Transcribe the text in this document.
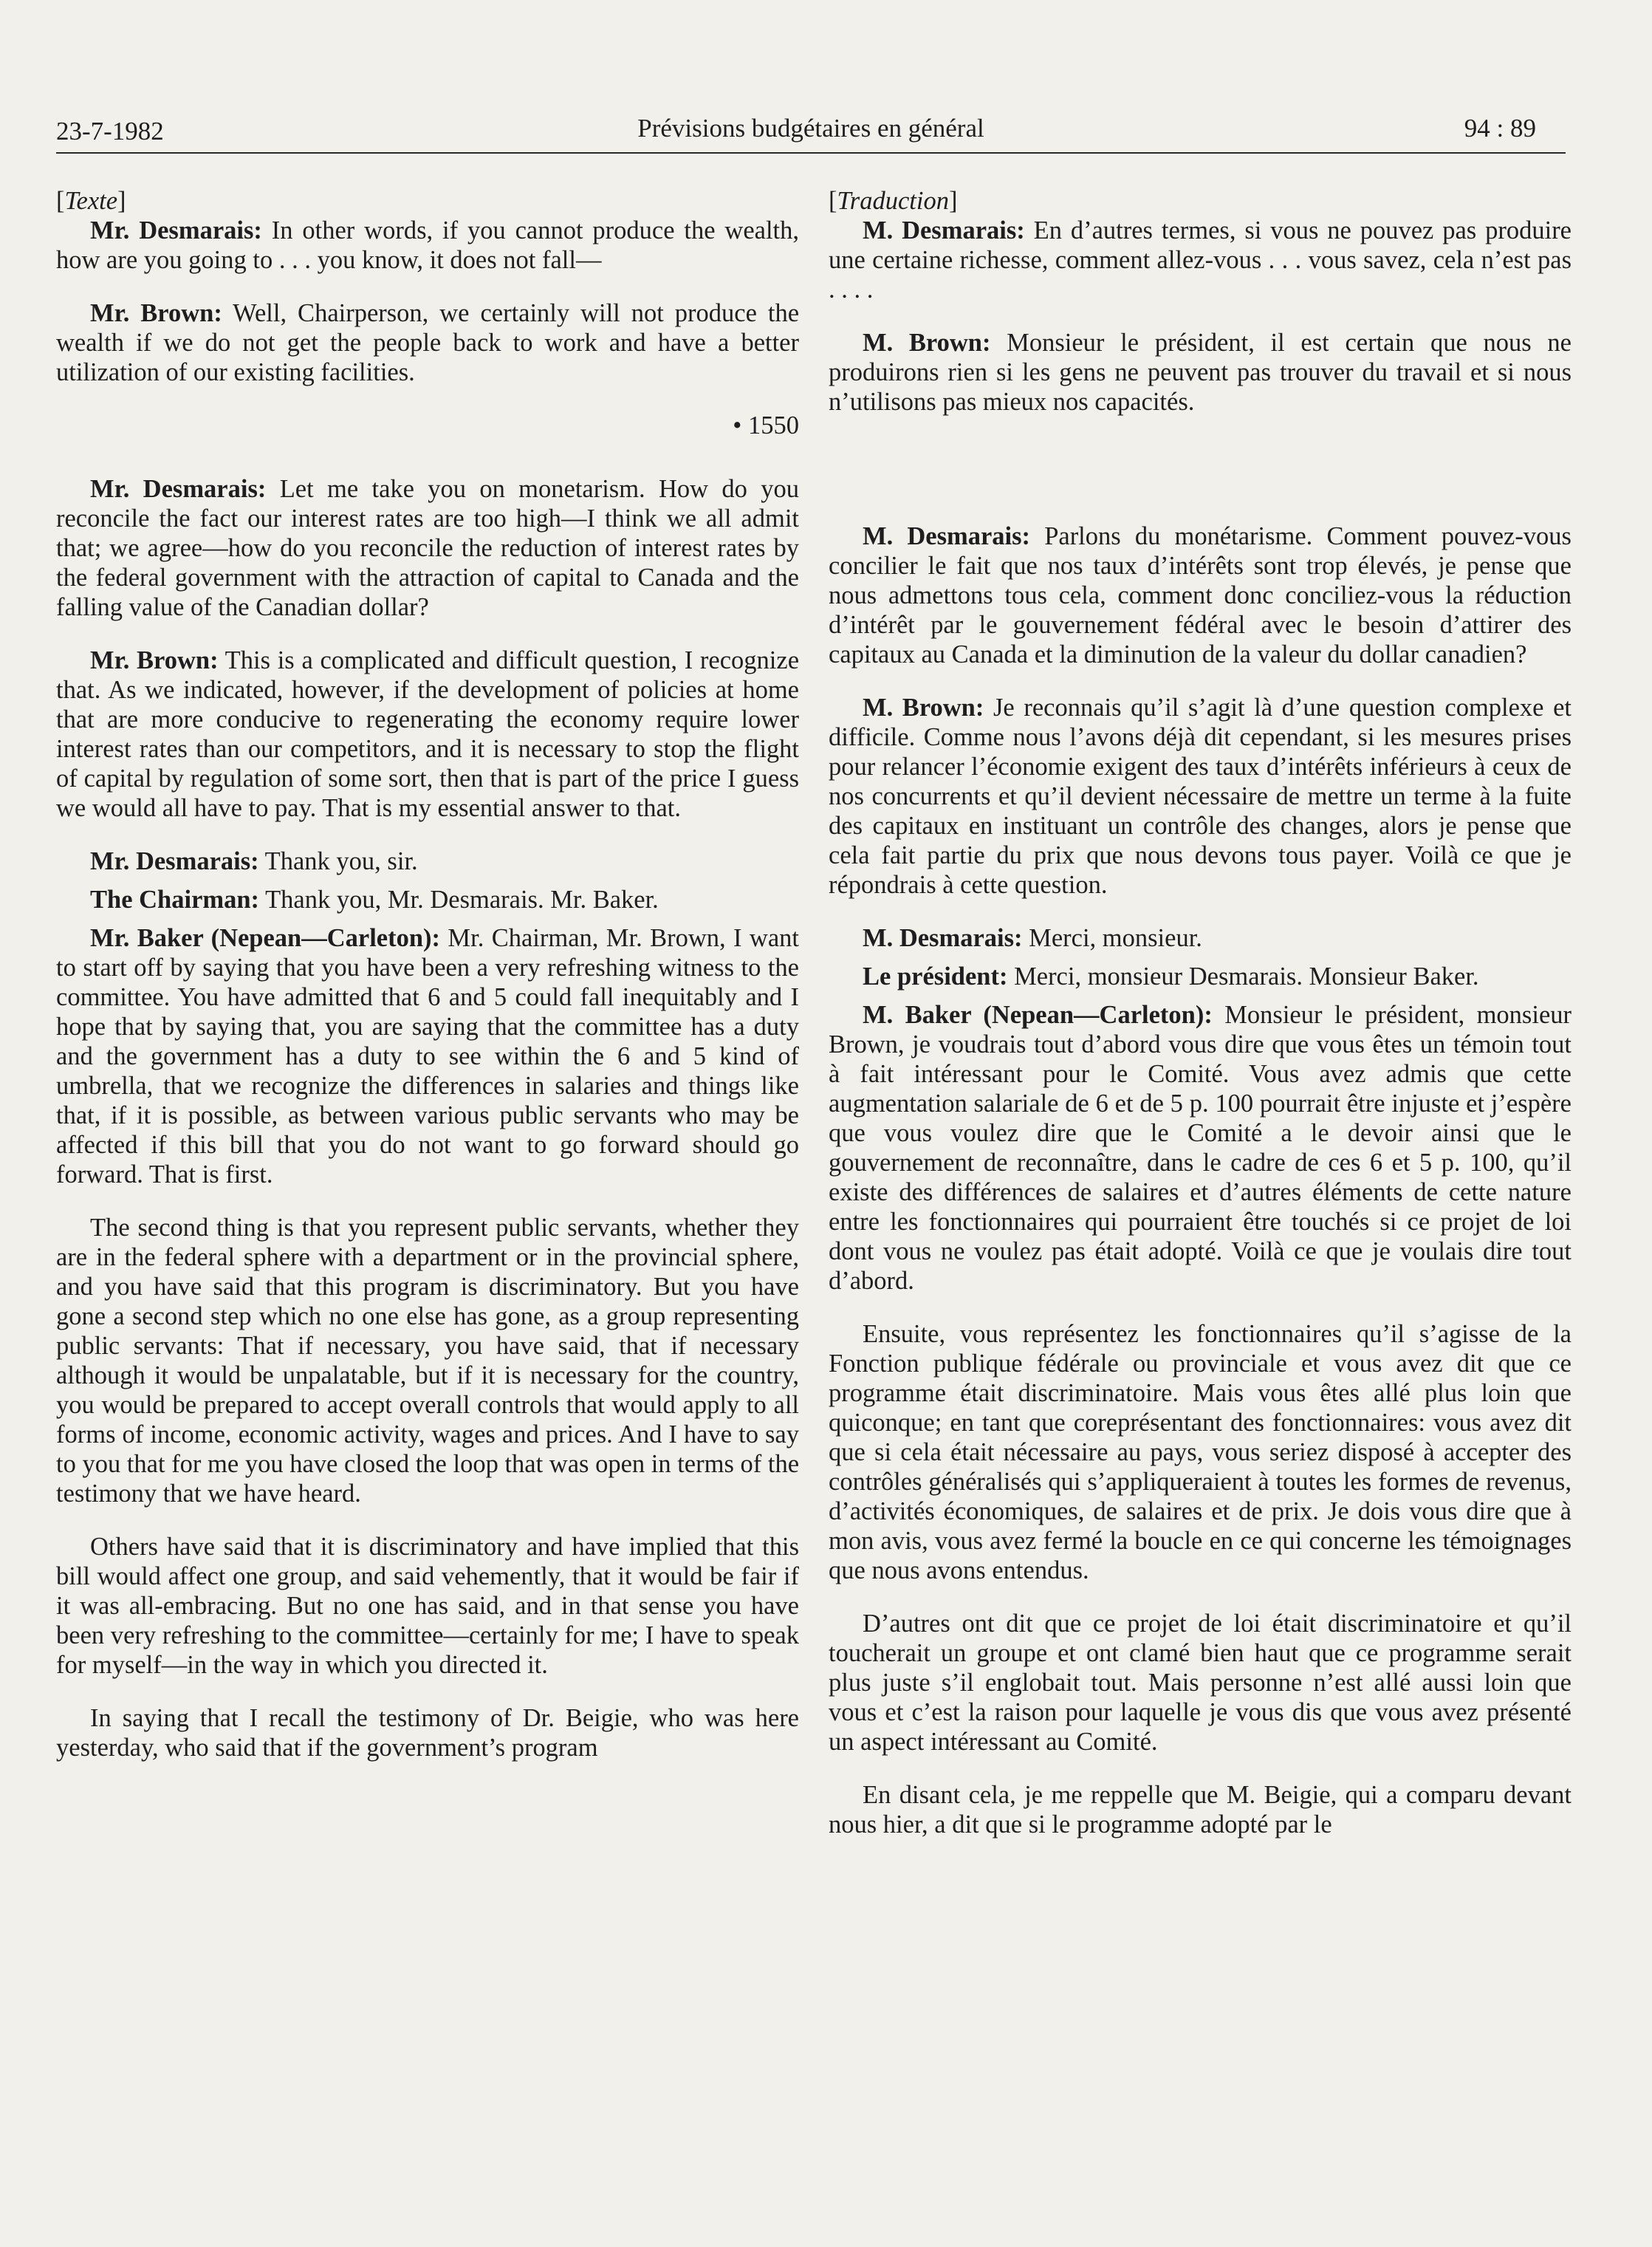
23-7-1982	Prévisions budgétaires en général	94 : 89

[Texte]

Mr. Desmarais: In other words, if you cannot produce the wealth, how are you going to . . . you know, it does not fall—

Mr. Brown: Well, Chairperson, we certainly will not produce the wealth if we do not get the people back to work and have a better utilization of our existing facilities.

• 1550

Mr. Desmarais: Let me take you on monetarism. How do you reconcile the fact our interest rates are too high—I think we all admit that; we agree—how do you reconcile the reduction of interest rates by the federal government with the attraction of capital to Canada and the falling value of the Canadian dollar?

Mr. Brown: This is a complicated and difficult question, I recognize that. As we indicated, however, if the development of policies at home that are more conducive to regenerating the economy require lower interest rates than our competitors, and it is necessary to stop the flight of capital by regulation of some sort, then that is part of the price I guess we would all have to pay. That is my essential answer to that.

Mr. Desmarais: Thank you, sir.

The Chairman: Thank you, Mr. Desmarais. Mr. Baker.

Mr. Baker (Nepean—Carleton): Mr. Chairman, Mr. Brown, I want to start off by saying that you have been a very refreshing witness to the committee. You have admitted that 6 and 5 could fall inequitably and I hope that by saying that, you are saying that the committee has a duty and the government has a duty to see within the 6 and 5 kind of umbrella, that we recognize the differences in salaries and things like that, if it is possible, as between various public servants who may be affected if this bill that you do not want to go forward should go forward. That is first.

The second thing is that you represent public servants, whether they are in the federal sphere with a department or in the provincial sphere, and you have said that this program is discriminatory. But you have gone a second step which no one else has gone, as a group representing public servants: That if necessary, you have said, that if necessary although it would be unpalatable, but if it is necessary for the country, you would be prepared to accept overall controls that would apply to all forms of income, economic activity, wages and prices. And I have to say to you that for me you have closed the loop that was open in terms of the testimony that we have heard.

Others have said that it is discriminatory and have implied that this bill would affect one group, and said vehemently, that it would be fair if it was all-embracing. But no one has said, and in that sense you have been very refreshing to the committee—certainly for me; I have to speak for myself—in the way in which you directed it.

In saying that I recall the testimony of Dr. Beigie, who was here yesterday, who said that if the government’s program

[Traduction]

M. Desmarais: En d’autres termes, si vous ne pouvez pas produire une certaine richesse, comment allez-vous . . . vous savez, cela n’est pas . . . .

M. Brown: Monsieur le président, il est certain que nous ne produirons rien si les gens ne peuvent pas trouver du travail et si nous n’utilisons pas mieux nos capacités.

M. Desmarais: Parlons du monétarisme. Comment pouvez-vous concilier le fait que nos taux d’intérêts sont trop élevés, je pense que nous admettons tous cela, comment donc conciliez-vous la réduction d’intérêt par le gouvernement fédéral avec le besoin d’attirer des capitaux au Canada et la diminution de la valeur du dollar canadien?

M. Brown: Je reconnais qu’il s’agit là d’une question complexe et difficile. Comme nous l’avons déjà dit cependant, si les mesures prises pour relancer l’économie exigent des taux d’intérêts inférieurs à ceux de nos concurrents et qu’il devient nécessaire de mettre un terme à la fuite des capitaux en instituant un contrôle des changes, alors je pense que cela fait partie du prix que nous devons tous payer. Voilà ce que je répondrais à cette question.

M. Desmarais: Merci, monsieur.

Le président: Merci, monsieur Desmarais. Monsieur Baker.

M. Baker (Nepean—Carleton): Monsieur le président, monsieur Brown, je voudrais tout d’abord vous dire que vous êtes un témoin tout à fait intéressant pour le Comité. Vous avez admis que cette augmentation salariale de 6 et de 5 p. 100 pourrait être injuste et j’espère que vous voulez dire que le Comité a le devoir ainsi que le gouvernement de reconnaître, dans le cadre de ces 6 et 5 p. 100, qu’il existe des différences de salaires et d’autres éléments de cette nature entre les fonctionnaires qui pourraient être touchés si ce projet de loi dont vous ne voulez pas était adopté. Voilà ce que je voulais dire tout d’abord.

Ensuite, vous représentez les fonctionnaires qu’il s’agisse de la Fonction publique fédérale ou provinciale et vous avez dit que ce programme était discriminatoire. Mais vous êtes allé plus loin que quiconque; en tant que coreprésentant des fonctionnaires: vous avez dit que si cela était nécessaire au pays, vous seriez disposé à accepter des contrôles généralisés qui s’appliqueraient à toutes les formes de revenus, d’activités économiques, de salaires et de prix. Je dois vous dire que à mon avis, vous avez fermé la boucle en ce qui concerne les témoignages que nous avons entendus.

D’autres ont dit que ce projet de loi était discriminatoire et qu’il toucherait un groupe et ont clamé bien haut que ce programme serait plus juste s’il englobait tout. Mais personne n’est allé aussi loin que vous et c’est la raison pour laquelle je vous dis que vous avez présenté un aspect intéressant au Comité.

En disant cela, je me reppelle que M. Beigie, qui a comparu devant nous hier, a dit que si le programme adopté par le
